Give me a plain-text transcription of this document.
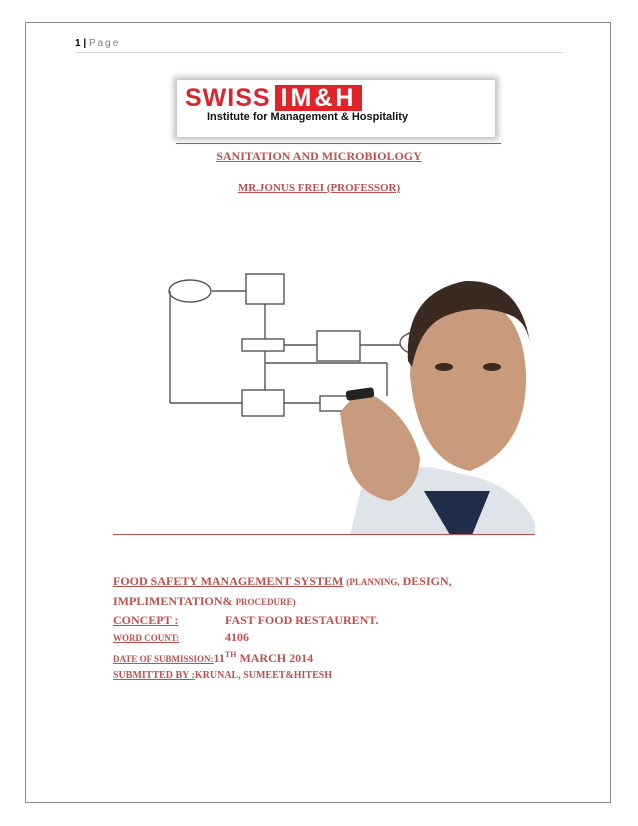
1 | Page
SWISS IM&H
Institute for Management & Hospitality
SANITATION AND MICROBIOLOGY
MR.JONUS FREI (PROFESSOR)
FOOD SAFETY MANAGEMENT SYSTEM (PLANNING, DESIGN,
IMPLIMENTATION& PROCEDURE)
CONCEPT :	FAST FOOD RESTAURENT.
WORD COUNT:	4106
DATE OF SUBMISSION:11TH MARCH 2014
SUBMITTED BY :KRUNAL, SUMEET&HITESH
